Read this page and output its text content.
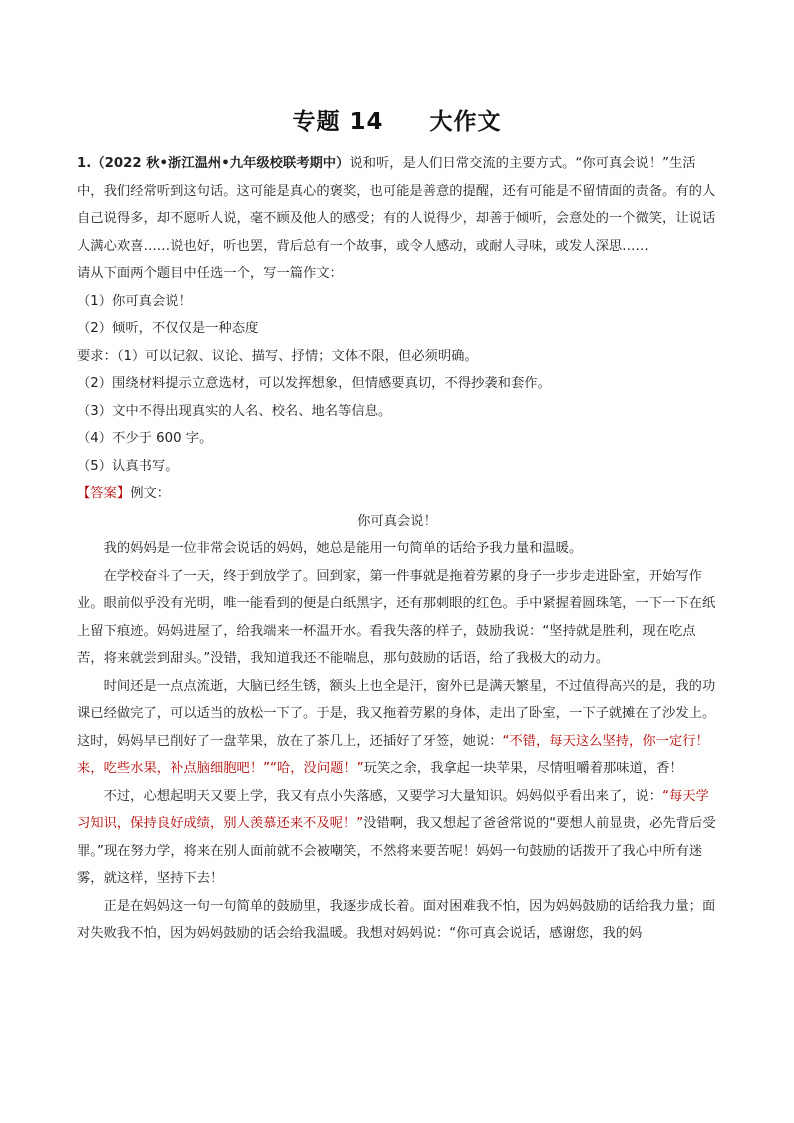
专题 14 大作文

1.（2022 秋•浙江温州•九年级校联考期中）说和听，是人们日常交流的主要方式。“你可真会说！”生活中，我们经常听到这句话。这可能是真心的褒奖，也可能是善意的提醒，还有可能是不留情面的责备。有的人自己说得多，却不愿听人说，毫不顾及他人的感受；有的人说得少，却善于倾听，会意处的一个微笑，让说话人满心欢喜……说也好，听也罢，背后总有一个故事，或令人感动，或耐人寻味，或发人深思……

请从下面两个题目中任选一个，写一篇作文：

（1）你可真会说！

（2）倾听，不仅仅是一种态度

要求：（1）可以记叙、议论、描写、抒情；文体不限，但必须明确。

（2）围绕材料提示立意选材，可以发挥想象，但情感要真切，不得抄袭和套作。

（3）文中不得出现真实的人名、校名、地名等信息。

（4）不少于 600 字。

（5）认真书写。

【答案】例文：

你可真会说！

我的妈妈是一位非常会说话的妈妈，她总是能用一句简单的话给予我力量和温暖。

在学校奋斗了一天，终于到放学了。回到家，第一件事就是拖着劳累的身子一步步走进卧室，开始写作业。眼前似乎没有光明，唯一能看到的便是白纸黑字，还有那刺眼的红色。手中紧握着圆珠笔，一下一下在纸上留下痕迹。妈妈进屋了，给我端来一杯温开水。看我失落的样子，鼓励我说：“坚持就是胜利，现在吃点苦，将来就尝到甜头。”没错，我知道我还不能喘息，那句鼓励的话语，给了我极大的动力。

时间还是一点点流逝，大脑已经生锈，额头上也全是汗，窗外已是满天繁星，不过值得高兴的是，我的功课已经做完了，可以适当的放松一下了。于是，我又拖着劳累的身体，走出了卧室，一下子就摊在了沙发上。这时，妈妈早已削好了一盘苹果，放在了茶几上，还插好了牙签，她说：“不错，每天这么坚持，你一定行！来，吃些水果，补点脑细胞吧！”“哈，没问题！”玩笑之余，我拿起一块苹果，尽情咀嚼着那味道，香！

不过，心想起明天又要上学，我又有点小失落感，又要学习大量知识。妈妈似乎看出来了，说：“每天学习知识，保持良好成绩，别人羡慕还来不及呢！”没错啊，我又想起了爸爸常说的“要想人前显贵，必先背后受罪。”现在努力学，将来在别人面前就不会被嘲笑，不然将来要苦呢！妈妈一句鼓励的话拨开了我心中所有迷雾，就这样，坚持下去！

正是在妈妈这一句一句简单的鼓励里，我逐步成长着。面对困难我不怕，因为妈妈鼓励的话给我力量；面对失败我不怕，因为妈妈鼓励的话会给我温暖。我想对妈妈说：“你可真会说话，感谢您，我的妈
